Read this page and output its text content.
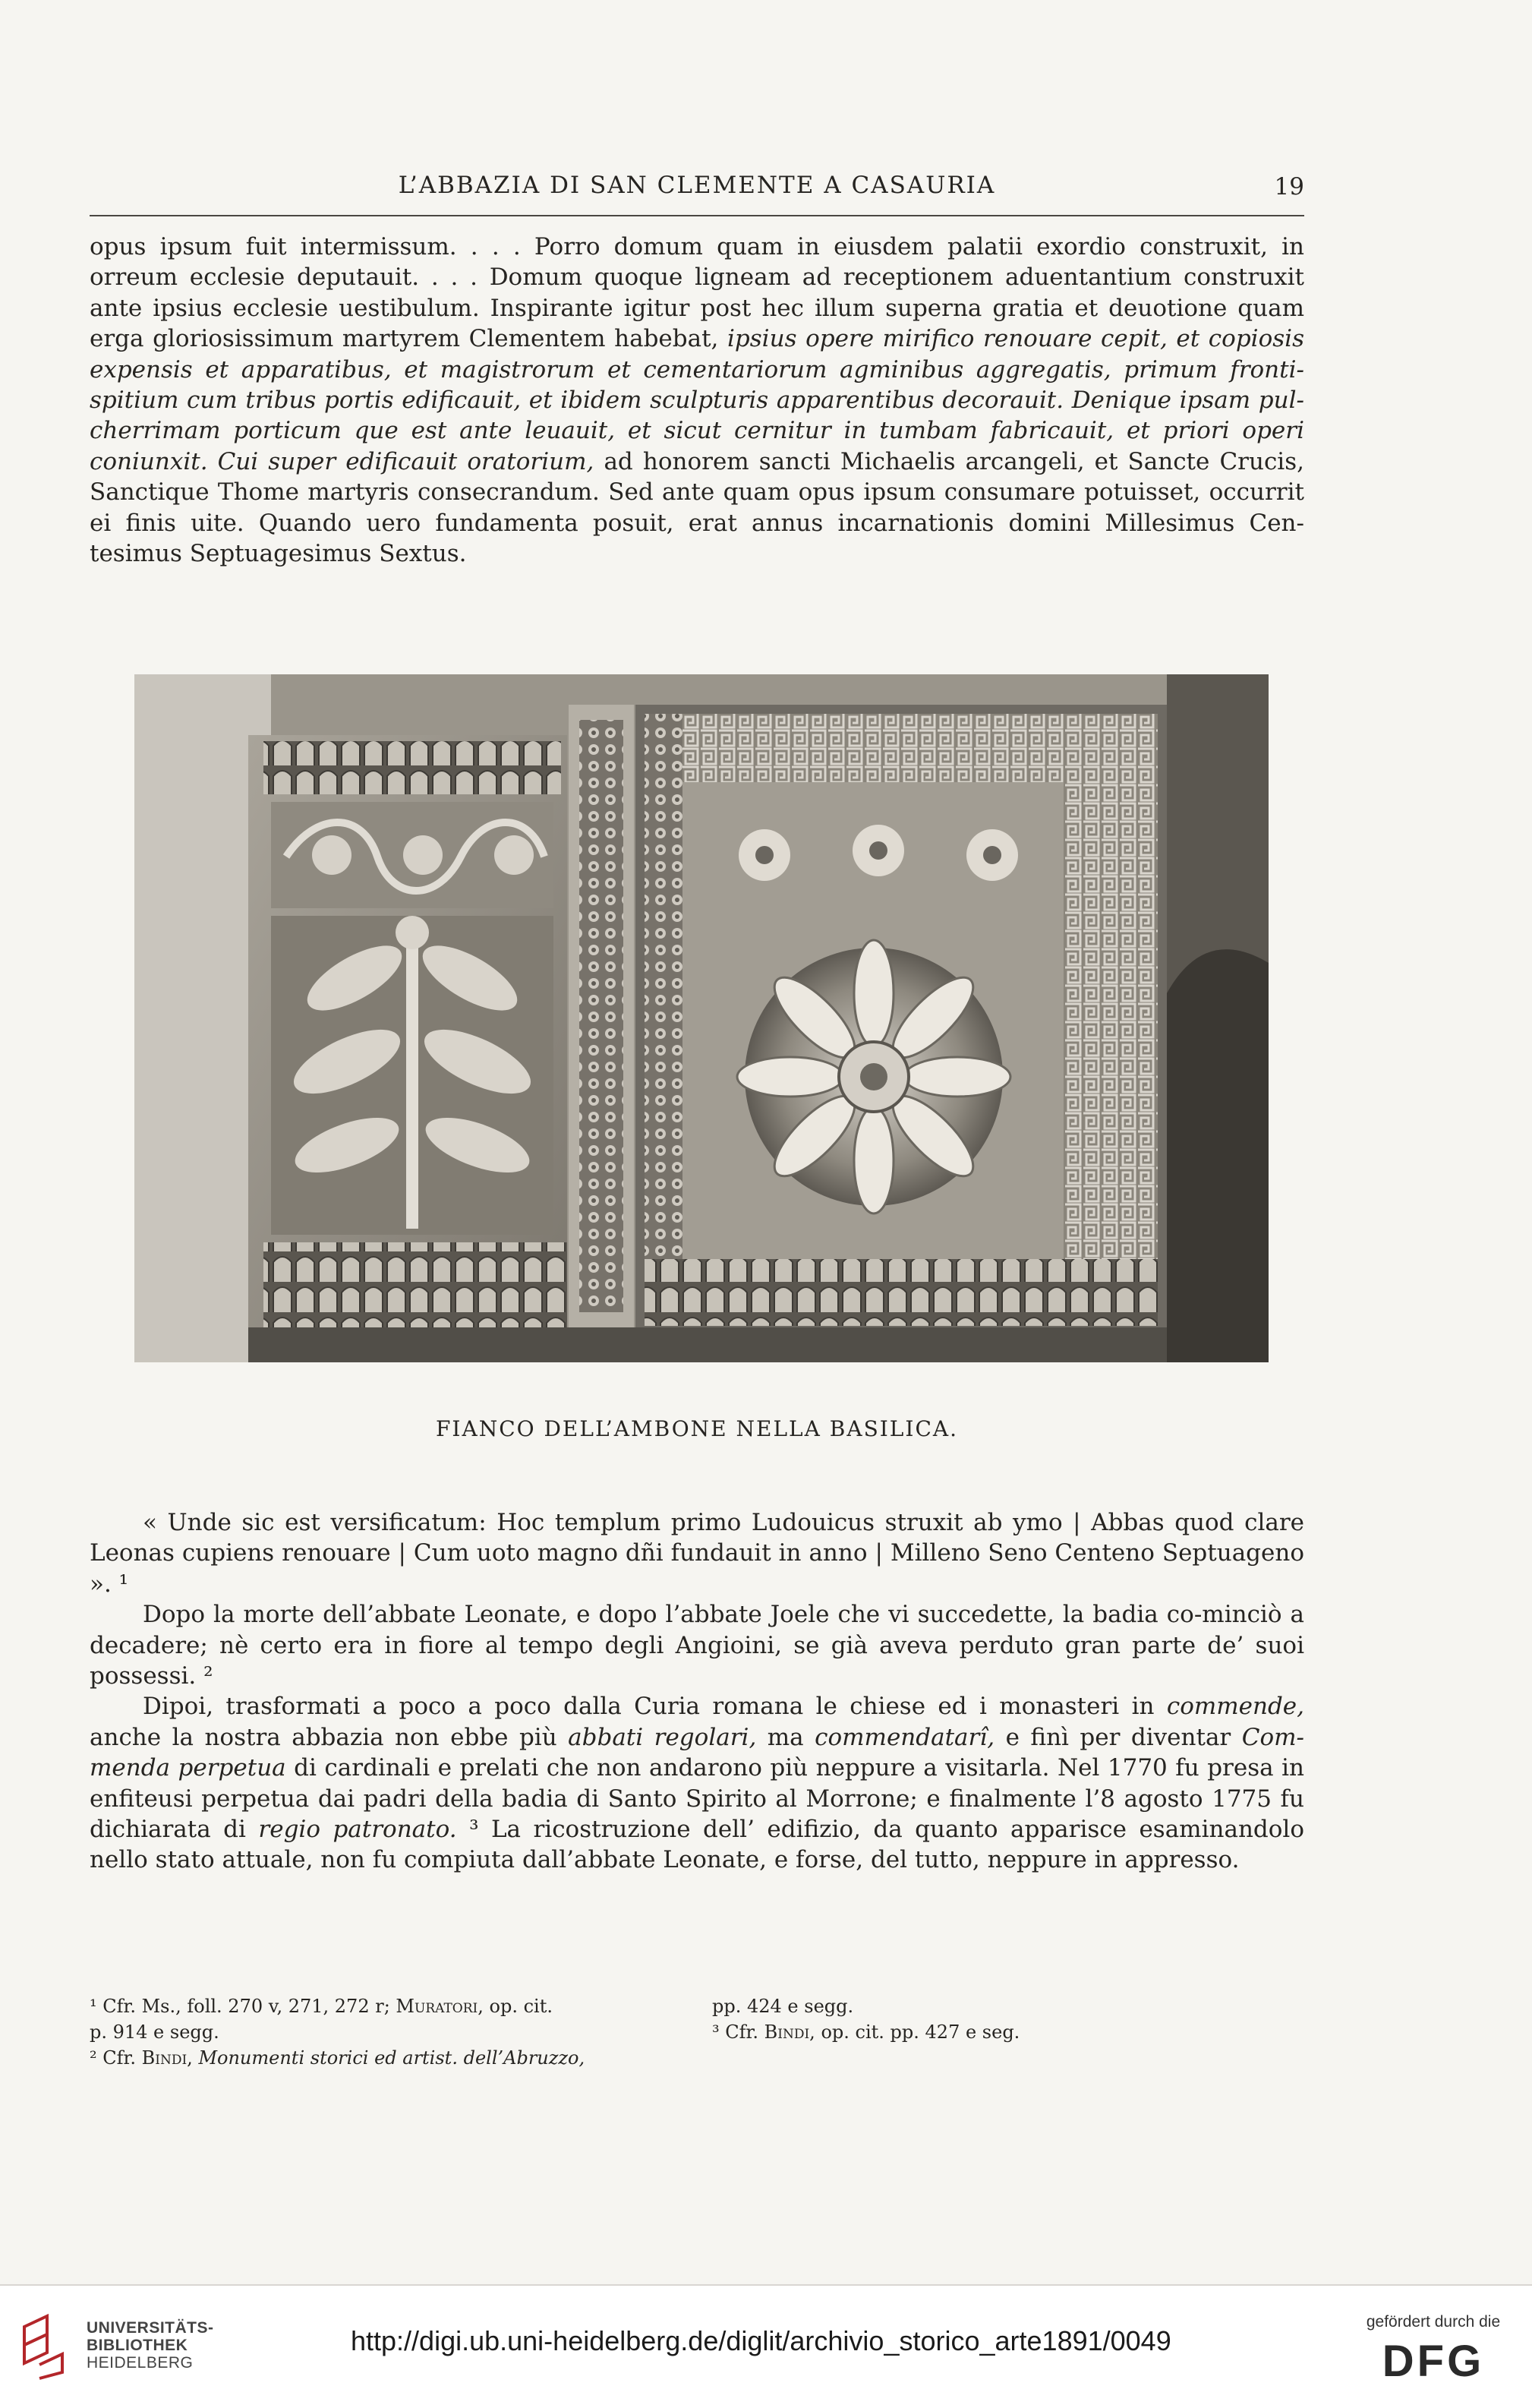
L’ABBAZIA DI SAN CLEMENTE A CASAURIA	19

opus ipsum fuit intermissum. . . . Porro domum quam in eiusdem palatii exordio construxit, in orreum ecclesie deputauit. . . . Domum quoque ligneam ad receptionem aduentantium construxit ante ipsius ecclesie uestibulum. Inspirante igitur post hec illum superna gratia et deuotione quam erga gloriosissimum martyrem Clementem habebat, ipsius opere mirifico renouare cepit, et copiosis expensis et apparatibus, et magistrorum et cementariorum agminibus aggregatis, primum fronti-spitium cum tribus portis edificauit, et ibidem sculpturis apparentibus decorauit. Denique ipsam pul-cherrimam porticum que est ante leuauit, et sicut cernitur in tumbam fabricauit, et priori operi coniunxit. Cui super edificauit oratorium, ad honorem sancti Michaelis arcangeli, et Sancte Crucis, Sanctique Thome martyris consecrandum. Sed ante quam opus ipsum consumare potuisset, occurrit ei finis uite. Quando uero fundamenta posuit, erat annus incarnationis domini Millesimus Cen-tesimus Septuagesimus Sextus.

FIANCO DELL’AMBONE NELLA BASILICA.

« Unde sic est versificatum: Hoc templum primo Ludouicus struxit ab ymo | Abbas quod clare Leonas cupiens renouare | Cum uoto magno dñi fundauit in anno | Milleno Seno Centeno Septuageno ». ¹

Dopo la morte dell’abbate Leonate, e dopo l’abbate Joele che vi succedette, la badia co-minciò a decadere; nè certo era in fiore al tempo degli Angioini, se già aveva perduto gran parte de’ suoi possessi. ²

Dipoi, trasformati a poco a poco dalla Curia romana le chiese ed i monasteri in commende, anche la nostra abbazia non ebbe più abbati regolari, ma commendatarî, e finì per diventar Com-menda perpetua di cardinali e prelati che non andarono più neppure a visitarla. Nel 1770 fu presa in enfiteusi perpetua dai padri della badia di Santo Spirito al Morrone; e finalmente l’8 agosto 1775 fu dichiarata di regio patronato. ³ La ricostruzione dell’ edifizio, da quanto apparisce esaminandolo nello stato attuale, non fu compiuta dall’abbate Leonate, e forse, del tutto, neppure in appresso.

¹ Cfr. Ms., foll. 270 v, 271, 272 r; Muratori, op. cit.	pp. 424 e segg.
p. 914 e segg.	³ Cfr. Bindi, op. cit. pp. 427 e seg.
² Cfr. Bindi, Monumenti storici ed artist. dell’Abruzzo,
UNIVERSITÄTS-
BIBLIOTHEK
HEIDELBERG
http://digi.ub.uni-heidelberg.de/diglit/archivio_storico_arte1891/0049
gefördert durch die
DFG
